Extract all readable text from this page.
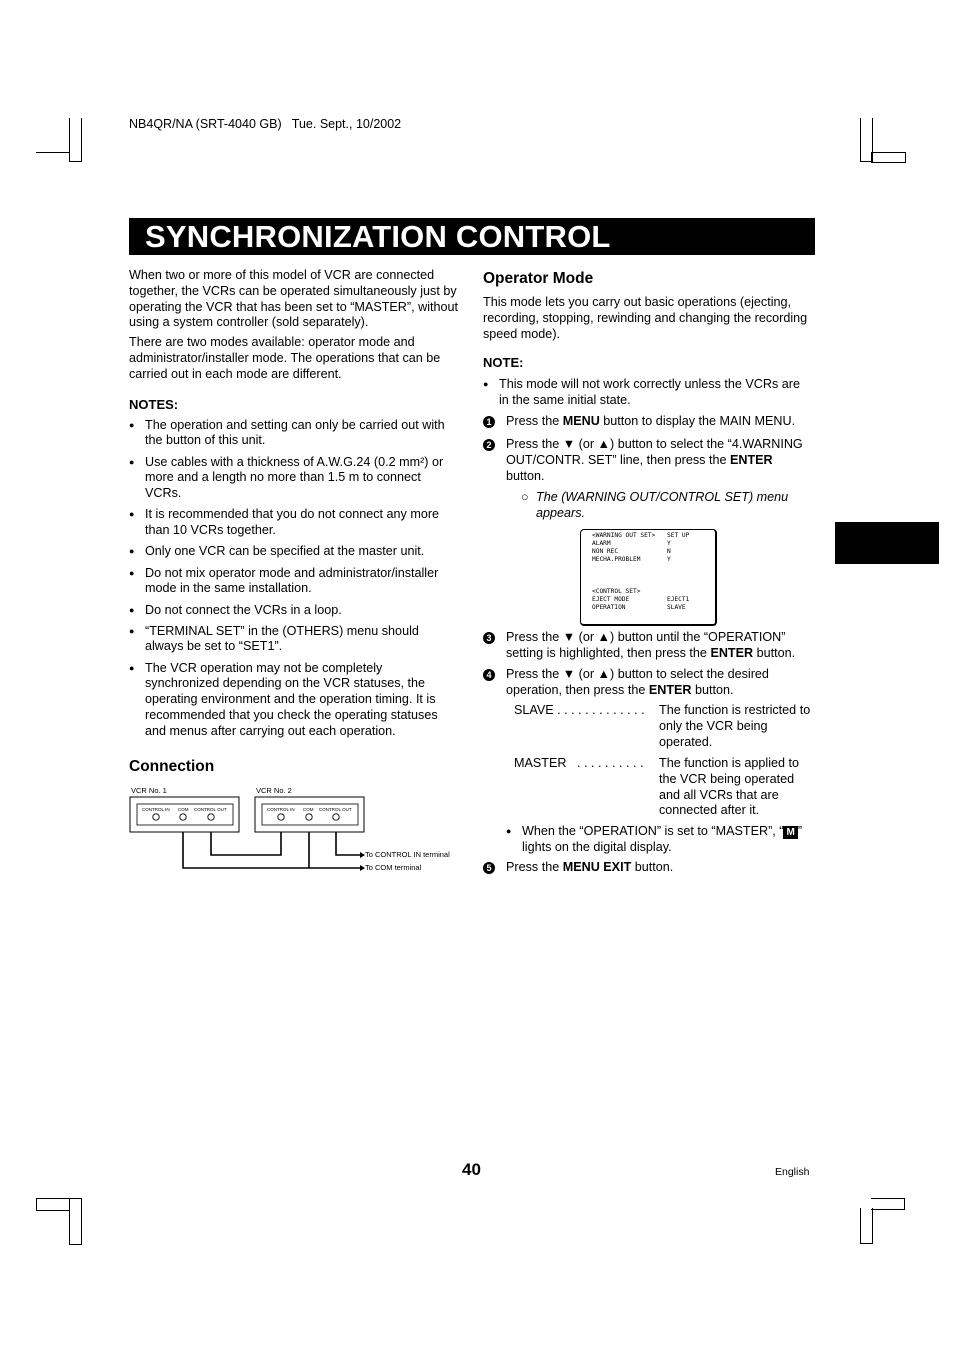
NB4QR/NA (SRT-4040 GB)   Tue. Sept., 10/2002
SYNCHRONIZATION CONTROL

When two or more of this model of VCR are connected together, the VCRs can be operated simultaneously just by operating the VCR that has been set to “MASTER”, without using a system controller (sold separately).

There are two modes available: operator mode and administrator/installer mode. The operations that can be carried out in each mode are different.

NOTES:

● The operation and setting can only be carried out with the button of this unit.
● Use cables with a thickness of A.W.G.24 (0.2 mm²) or more and a length no more than 1.5 m to connect VCRs.
● It is recommended that you do not connect any more than 10 VCRs together.
● Only one VCR can be specified at the master unit.
● Do not mix operator mode and administrator/installer mode in the same installation.
● Do not connect the VCRs in a loop.
● “TERMINAL SET” in the (OTHERS) menu should always be set to “SET1”.
● The VCR operation may not be completely synchronized depending on the VCR statuses, the operating environment and the operation timing. It is recommended that you check the operating statuses and menus after carrying out each operation.
Connection
VCR No. 1	VCR No. 2
CONTROL IN COM CONTROL OUT	CONTROL IN COM CONTROL OUT
To CONTROL IN terminal
To COM terminal
Operator Mode

This mode lets you carry out basic operations (ejecting, recording, stopping, rewinding and changing the recording speed mode).

NOTE:

● This mode will not work correctly unless the VCRs are in the same initial state.
1	Press the MENU button to display the MAIN MENU.
2	Press the ▼ (or ▲) button to select the “4.WARNING OUT/CONTR. SET” line, then press the ENTER button.
○ The (WARNING OUT/CONTROL SET) menu appears.
<WARNING OUT SET> SET UP
ALARM	Y
NON REC	N
MECHA.PROBLEM	Y
<CONTROL SET>
EJECT MODE	EJECT1
OPERATION	SLAVE
3	Press the ▼ (or ▲) button until the “OPERATION” setting is highlighted, then press the ENTER button.
4	Press the ▼ (or ▲) button to select the desired operation, then press the ENTER button.
SLAVE . . . . . . . . . . . . . The function is restricted to only the VCR being operated.
MASTER   . . . . . . . . . . The function is applied to the VCR being operated and all VCRs that are connected after it.
● When the “OPERATION” is set to “MASTER”, “ M ” lights on the digital display.
5	Press the MENU EXIT button.
40	English
